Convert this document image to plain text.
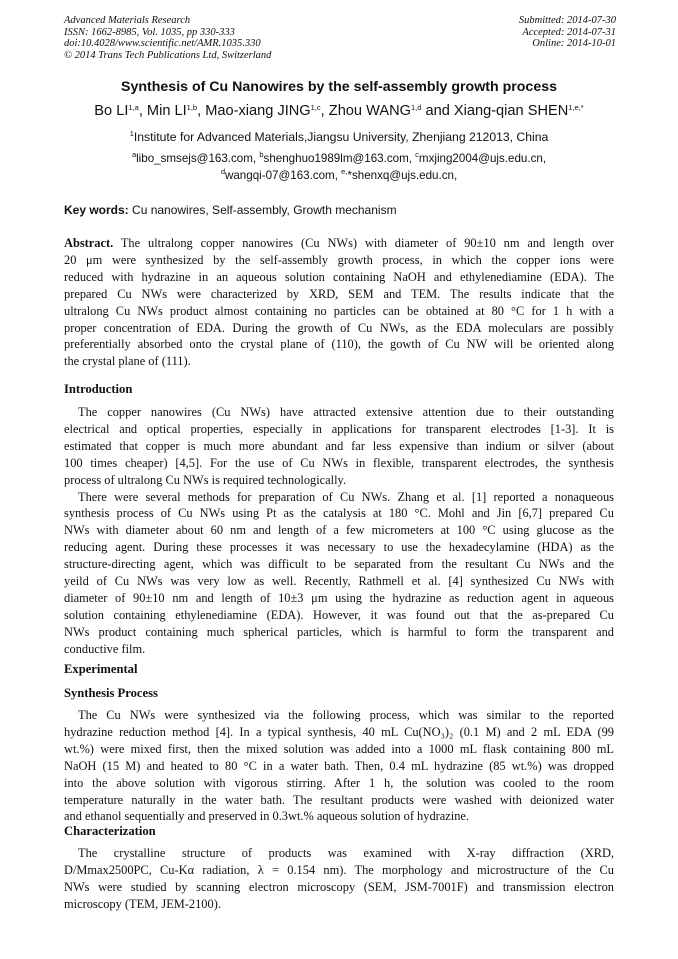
Advanced Materials Research
ISSN: 1662-8985, Vol. 1035, pp 330-333
doi:10.4028/www.scientific.net/AMR.1035.330
© 2014 Trans Tech Publications Ltd, Switzerland
Submitted: 2014-07-30
Accepted: 2014-07-31
Online: 2014-10-01
Synthesis of Cu Nanowires by the self-assembly growth process
Bo LI$^{1,a}$, Min LI$^{1,b}$, Mao-xiang JING$^{1,c}$, Zhou WANG$^{1,d}$ and Xiang-qian $SHEN^{1,e,*}$
$^1$Institute for Advanced Materials,Jiangsu University, Zhenjiang 212013, China
$^a$libo_smsejs@163.com, $^b$shenghuo1989lm@163.com, $^c$mxjing2004@ujs.edu.cn,
$^d$wangqi-07@163.com, $^{e,}$*shenxq@ujs.edu.cn,
Key words: Cu nanowires, Self-assembly, Growth mechanism
Abstract. The ultralong copper nanowires (Cu NWs) with diameter of 90±10 nm and length over
20 μm were synthesized by the self-assembly growth process, in which the copper ions were
reduced with hydrazine in an aqueous solution containing NaOH and ethylenediamine (EDA). The
prepared Cu NWs were characterized by XRD, SEM and TEM. The results indicate that the
ultralong Cu NWs product almost containing no particles can be obtained at 80 °C for 1 h with a
proper concentration of EDA. During the growth of Cu NWs, as the EDA moleculars are possibly
preferentially absorbed onto the crystal plane of (110), the gowth of Cu NW will be oriented along
the crystal plane of (111).
Introduction
The copper nanowires (Cu NWs) have attracted extensive attention due to their outstanding
electrical and optical properties, especially in applications for transparent electrodes [1-3]. It is
estimated that copper is much more abundant and far less expensive than indium or silver (about
100 times cheaper) [4,5]. For the use of Cu NWs in flexible, transparent electrodes, the synthesis
process of ultralong Cu NWs is required technologically.
There were several methods for preparation of Cu NWs. Zhang et al. [1] reported a nonaqueous
synthesis process of Cu NWs using Pt as the catalysis at 180 °C. Mohl and Jin [6,7] prepared Cu
NWs with diameter about 60 nm and length of a few micrometers at 100 °C using glucose as the
reducing agent. During these processes it was necessary to use the hexadecylamine (HDA) as the
structure-directing agent, which was difficult to be separated from the resultant Cu NWs and the
yeild of Cu NWs was very low as well. Recently, Rathmell et al. [4] synthesized Cu NWs with
diameter of 90±10 nm and length of 10±3 μm using the hydrazine as reduction agent in aqueous
solution containing ethylenediamine (EDA). However, it was found out that the as-prepared Cu
NWs product containing much spherical particles, which is harmful to form the transparent and
conductive film.
Experimental
Synthesis Process
The Cu NWs were synthesized via the following process, which was similar to the reported
hydrazine reduction method [4]. In a typical synthesis, 40 mL Cu(NO₃)₂ (0.1 M) and 2 mL EDA (99
wt.%) were mixed first, then the mixed solution was added into a 1000 mL flask containing 800 mL
NaOH (15 M) and heated to 80 °C in a water bath. Then, 0.4 mL hydrazine (85 wt.%) was dropped
into the above solution with vigorous stirring. After 1 h, the solution was cooled to the room
temperature naturally in the water bath. The resultant products were washed with deionized water
and ethanol sequentially and preserved in 0.3wt.% aqueous solution of hydrazine.
Characterization
The crystalline structure of products was examined with X-ray diffraction (XRD,
D/Mmax2500PC, Cu-Kα radiation, λ = 0.154 nm). The morphology and microstructure of the Cu
NWs were studied by scanning electron microscopy (SEM, JSM-7001F) and transmission electron
microscopy (TEM, JEM-2100).
